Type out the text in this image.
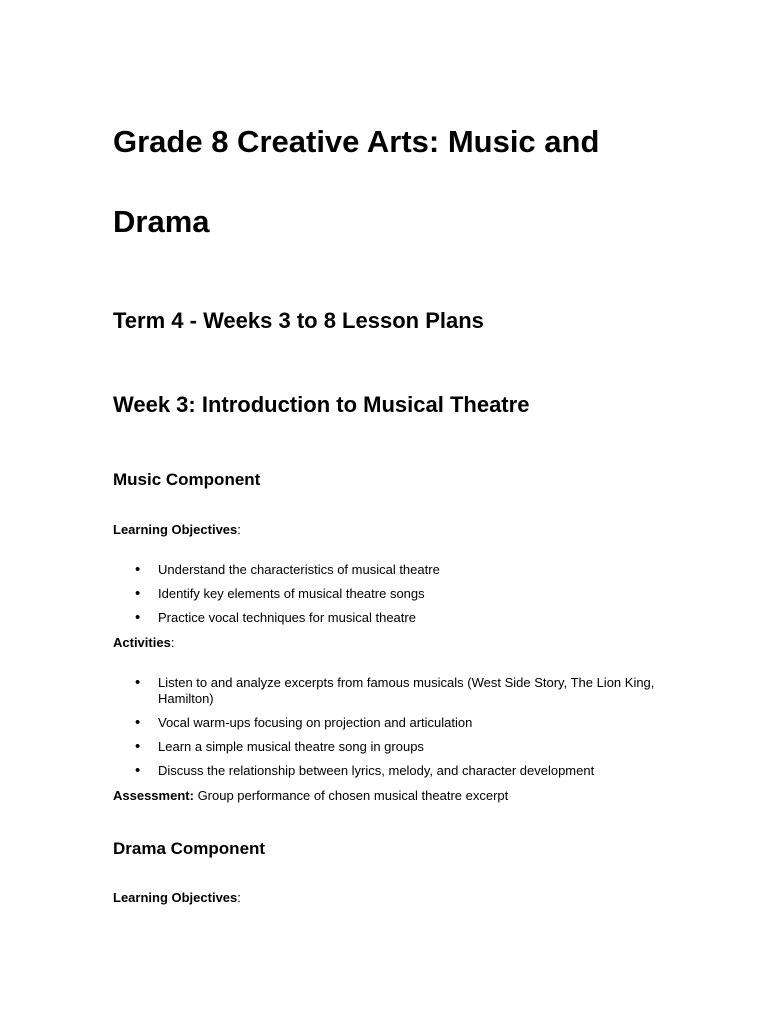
Grade 8 Creative Arts: Music and
Drama
Term 4 - Weeks 3 to 8 Lesson Plans
Week 3: Introduction to Musical Theatre
Music Component

Learning Objectives:

• Understand the characteristics of musical theatre
• Identify key elements of musical theatre songs
• Practice vocal techniques for musical theatre

Activities:

• Listen to and analyze excerpts from famous musicals (West Side Story, The Lion King, Hamilton)
• Vocal warm-ups focusing on projection and articulation
• Learn a simple musical theatre song in groups
• Discuss the relationship between lyrics, melody, and character development

Assessment: Group performance of chosen musical theatre excerpt

Drama Component

Learning Objectives:
